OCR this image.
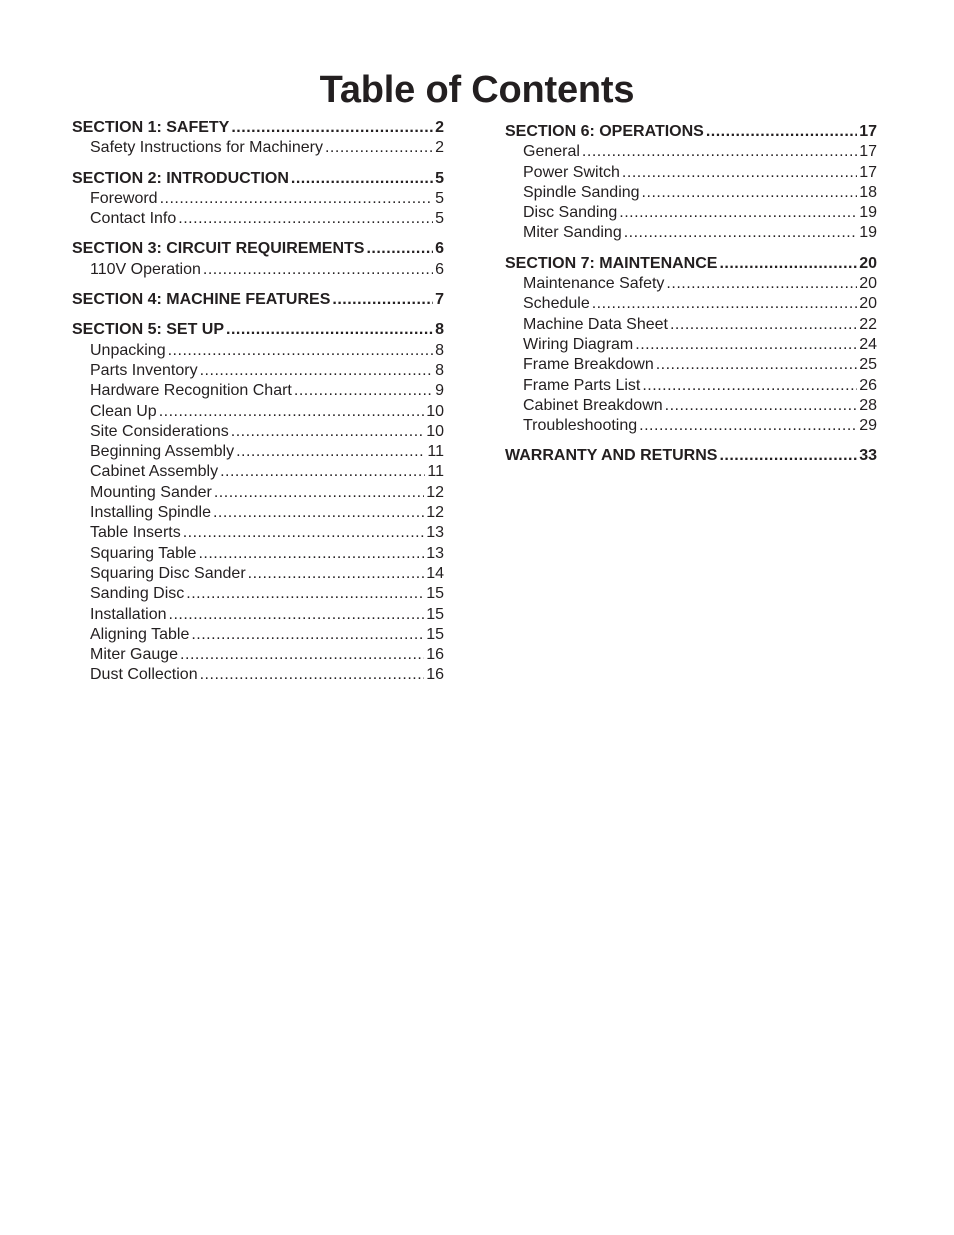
Table of Contents
SECTION 1: SAFETY .....	2
Safety Instructions for Machinery .....	2
SECTION 2: INTRODUCTION .....	5
Foreword .....	5
Contact Info .....	5
SECTION 3: CIRCUIT REQUIREMENTS .....	6
110V Operation .....	6
SECTION 4: MACHINE FEATURES .....	7
SECTION 5: SET UP .....	8
Unpacking .....	8
Parts Inventory .....	8
Hardware Recognition Chart .....	9
Clean Up .....	10
Site Considerations .....	10
Beginning Assembly .....	11
Cabinet Assembly .....	11
Mounting Sander .....	12
Installing Spindle .....	12
Table Inserts .....	13
Squaring Table .....	13
Squaring Disc Sander .....	14
Sanding Disc .....	15
Installation .....	15
Aligning Table .....	15
Miter Gauge .....	16
Dust Collection .....	16
SECTION 6: OPERATIONS .....	17
General .....	17
Power Switch .....	17
Spindle Sanding .....	18
Disc Sanding .....	19
Miter Sanding .....	19
SECTION 7: MAINTENANCE .....	20
Maintenance Safety .....	20
Schedule .....	20
Machine Data Sheet .....	22
Wiring Diagram .....	24
Frame Breakdown .....	25
Frame Parts List .....	26
Cabinet Breakdown .....	28
Troubleshooting .....	29
WARRANTY AND RETURNS .....	33
